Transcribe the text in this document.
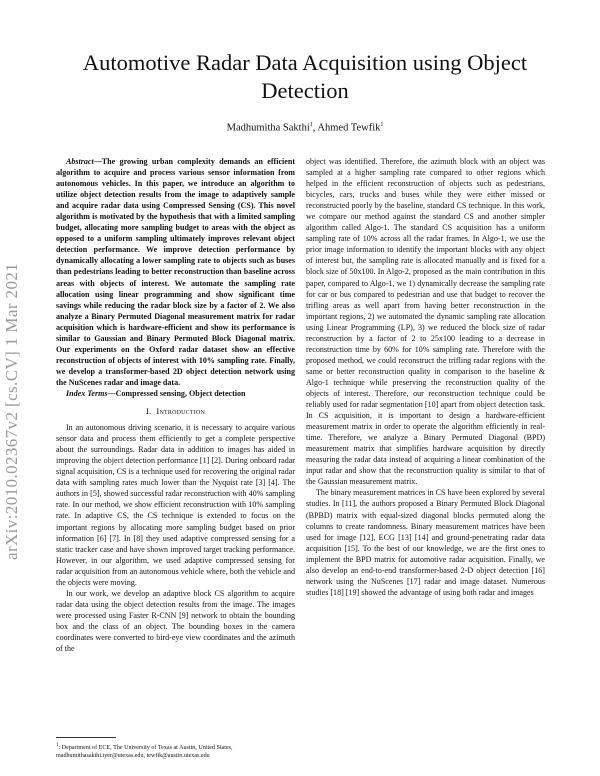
arXiv:2010.02367v2 [cs.CV] 1 Mar 2021
Automotive Radar Data Acquisition using Object Detection
Madhumitha Sakthi$^1$, Ahmed Tewfik$^1$

Abstract—The growing urban complexity demands an efficient algorithm to acquire and process various sensor information from autonomous vehicles. In this paper, we introduce an algorithm to utilize object detection results from the image to adaptively sample and acquire radar data using Compressed Sensing (CS). This novel algorithm is motivated by the hypothesis that with a limited sampling budget, allocating more sampling budget to areas with the object as opposed to a uniform sampling ultimately improves relevant object detection performance. We improve detection performance by dynamically allocating a lower sampling rate to objects such as buses than pedestrians leading to better reconstruction than baseline across areas with objects of interest. We automate the sampling rate allocation using linear programming and show significant time savings while reducing the radar block size by a factor of 2. We also analyze a Binary Permuted Diagonal measurement matrix for radar acquisition which is hardware-efficient and show its performance is similar to Gaussian and Binary Permuted Block Diagonal matrix. Our experiments on the Oxford radar dataset show an effective reconstruction of objects of interest with 10% sampling rate. Finally, we develop a transformer-based 2D object detection network using the NuScenes radar and image data.

Index Terms—Compressed sensing, Object detection

I. Introduction

In an autonomous driving scenario, it is necessary to acquire various sensor data and process them efficiently to get a complete perspective about the surroundings. Radar data in addition to images has aided in improving the object detection performance [1] [2]. During onboard radar signal acquisition, CS is a technique used for recovering the original radar data with sampling rates much lower than the Nyquist rate [3] [4]. The authors in [5], showed successful radar reconstruction with 40% sampling rate. In our method, we show efficient reconstruction with 10% sampling rate. In adaptive CS, the CS technique is extended to focus on the important regions by allocating more sampling budget based on prior information [6] [7]. In [8] they used adaptive compressed sensing for a static tracker case and have shown improved target tracking performance. However, in our algorithm, we used adaptive compressed sensing for radar acquisition from an autonomous vehicle where, both the vehicle and the objects were moving.

In our work, we develop an adaptive block CS algorithm to acquire radar data using the object detection results from the image. The images were processed using Faster R-CNN [9] network to obtain the bounding box and the class of an object. The bounding boxes in the camera coordinates were converted to bird-eye view coordinates and the azimuth of the

$^1$: Department of ECE, The University of Texas at Austin, United States,
madhumithasakthi.iyer@utexas.edu, tewfik@austin.utexas.edu

object was identified. Therefore, the azimuth block with an object was sampled at a higher sampling rate compared to other regions which helped in the efficient reconstruction of objects such as pedestrians, bicycles, cars, trucks and buses while they were either missed or reconstructed poorly by the baseline, standard CS technique. In this work, we compare our method against the standard CS and another simpler algorithm called Algo-1. The standard CS acquisition has a uniform sampling rate of 10% across all the radar frames. In Algo-1, we use the prior image information to identify the important blocks with any object of interest but, the sampling rate is allocated manually and is fixed for a block size of 50x100. In Algo-2, proposed as the main contribution in this paper, compared to Algo-1, we 1) dynamically decrease the sampling rate for car or bus compared to pedestrian and use that budget to recover the trifling areas as well apart from having better reconstruction in the important regions, 2) we automated the dynamic sampling rate allocation using Linear Programming (LP), 3) we reduced the block size of radar reconstruction by a factor of 2 to 25x100 leading to a decrease in reconstruction time by 60% for 10% sampling rate. Therefore with the proposed method, we could reconstruct the trifling radar regions with the same or better reconstruction quality in comparison to the baseline & Algo-1 technique while preserving the reconstruction quality of the objects of interest. Therefore, our reconstruction technique could be reliably used for radar segmentation [10] apart from object detection task. In CS acquisition, it is important to design a hardware-efficient measurement matrix in order to operate the algorithm efficiently in real-time. Therefore, we analyze a Binary Permuted Diagonal (BPD) measurement matrix that simplifies hardware acquisition by directly measuring the radar data instead of acquiring a linear combination of the input radar and show that the reconstruction quality is similar to that of the Gaussian measurement matrix.

The binary measurement matrices in CS have been explored by several studies. In [11], the authors proposed a Binary Permuted Block Diagonal (BPBD) matrix with equal-sized diagonal blocks permuted along the columns to create randomness. Binary measurement matrices have been used for image [12], ECG [13] [14] and ground-penetrating radar data acquisition [15]. To the best of our knowledge, we are the first ones to implement the BPD matrix for automotive radar acquisition. Finally, we also develop an end-to-end transformer-based 2-D object detection [16] network using the NuScenes [17] radar and image dataset. Numerous studies [18] [19] showed the advantage of using both radar and images
